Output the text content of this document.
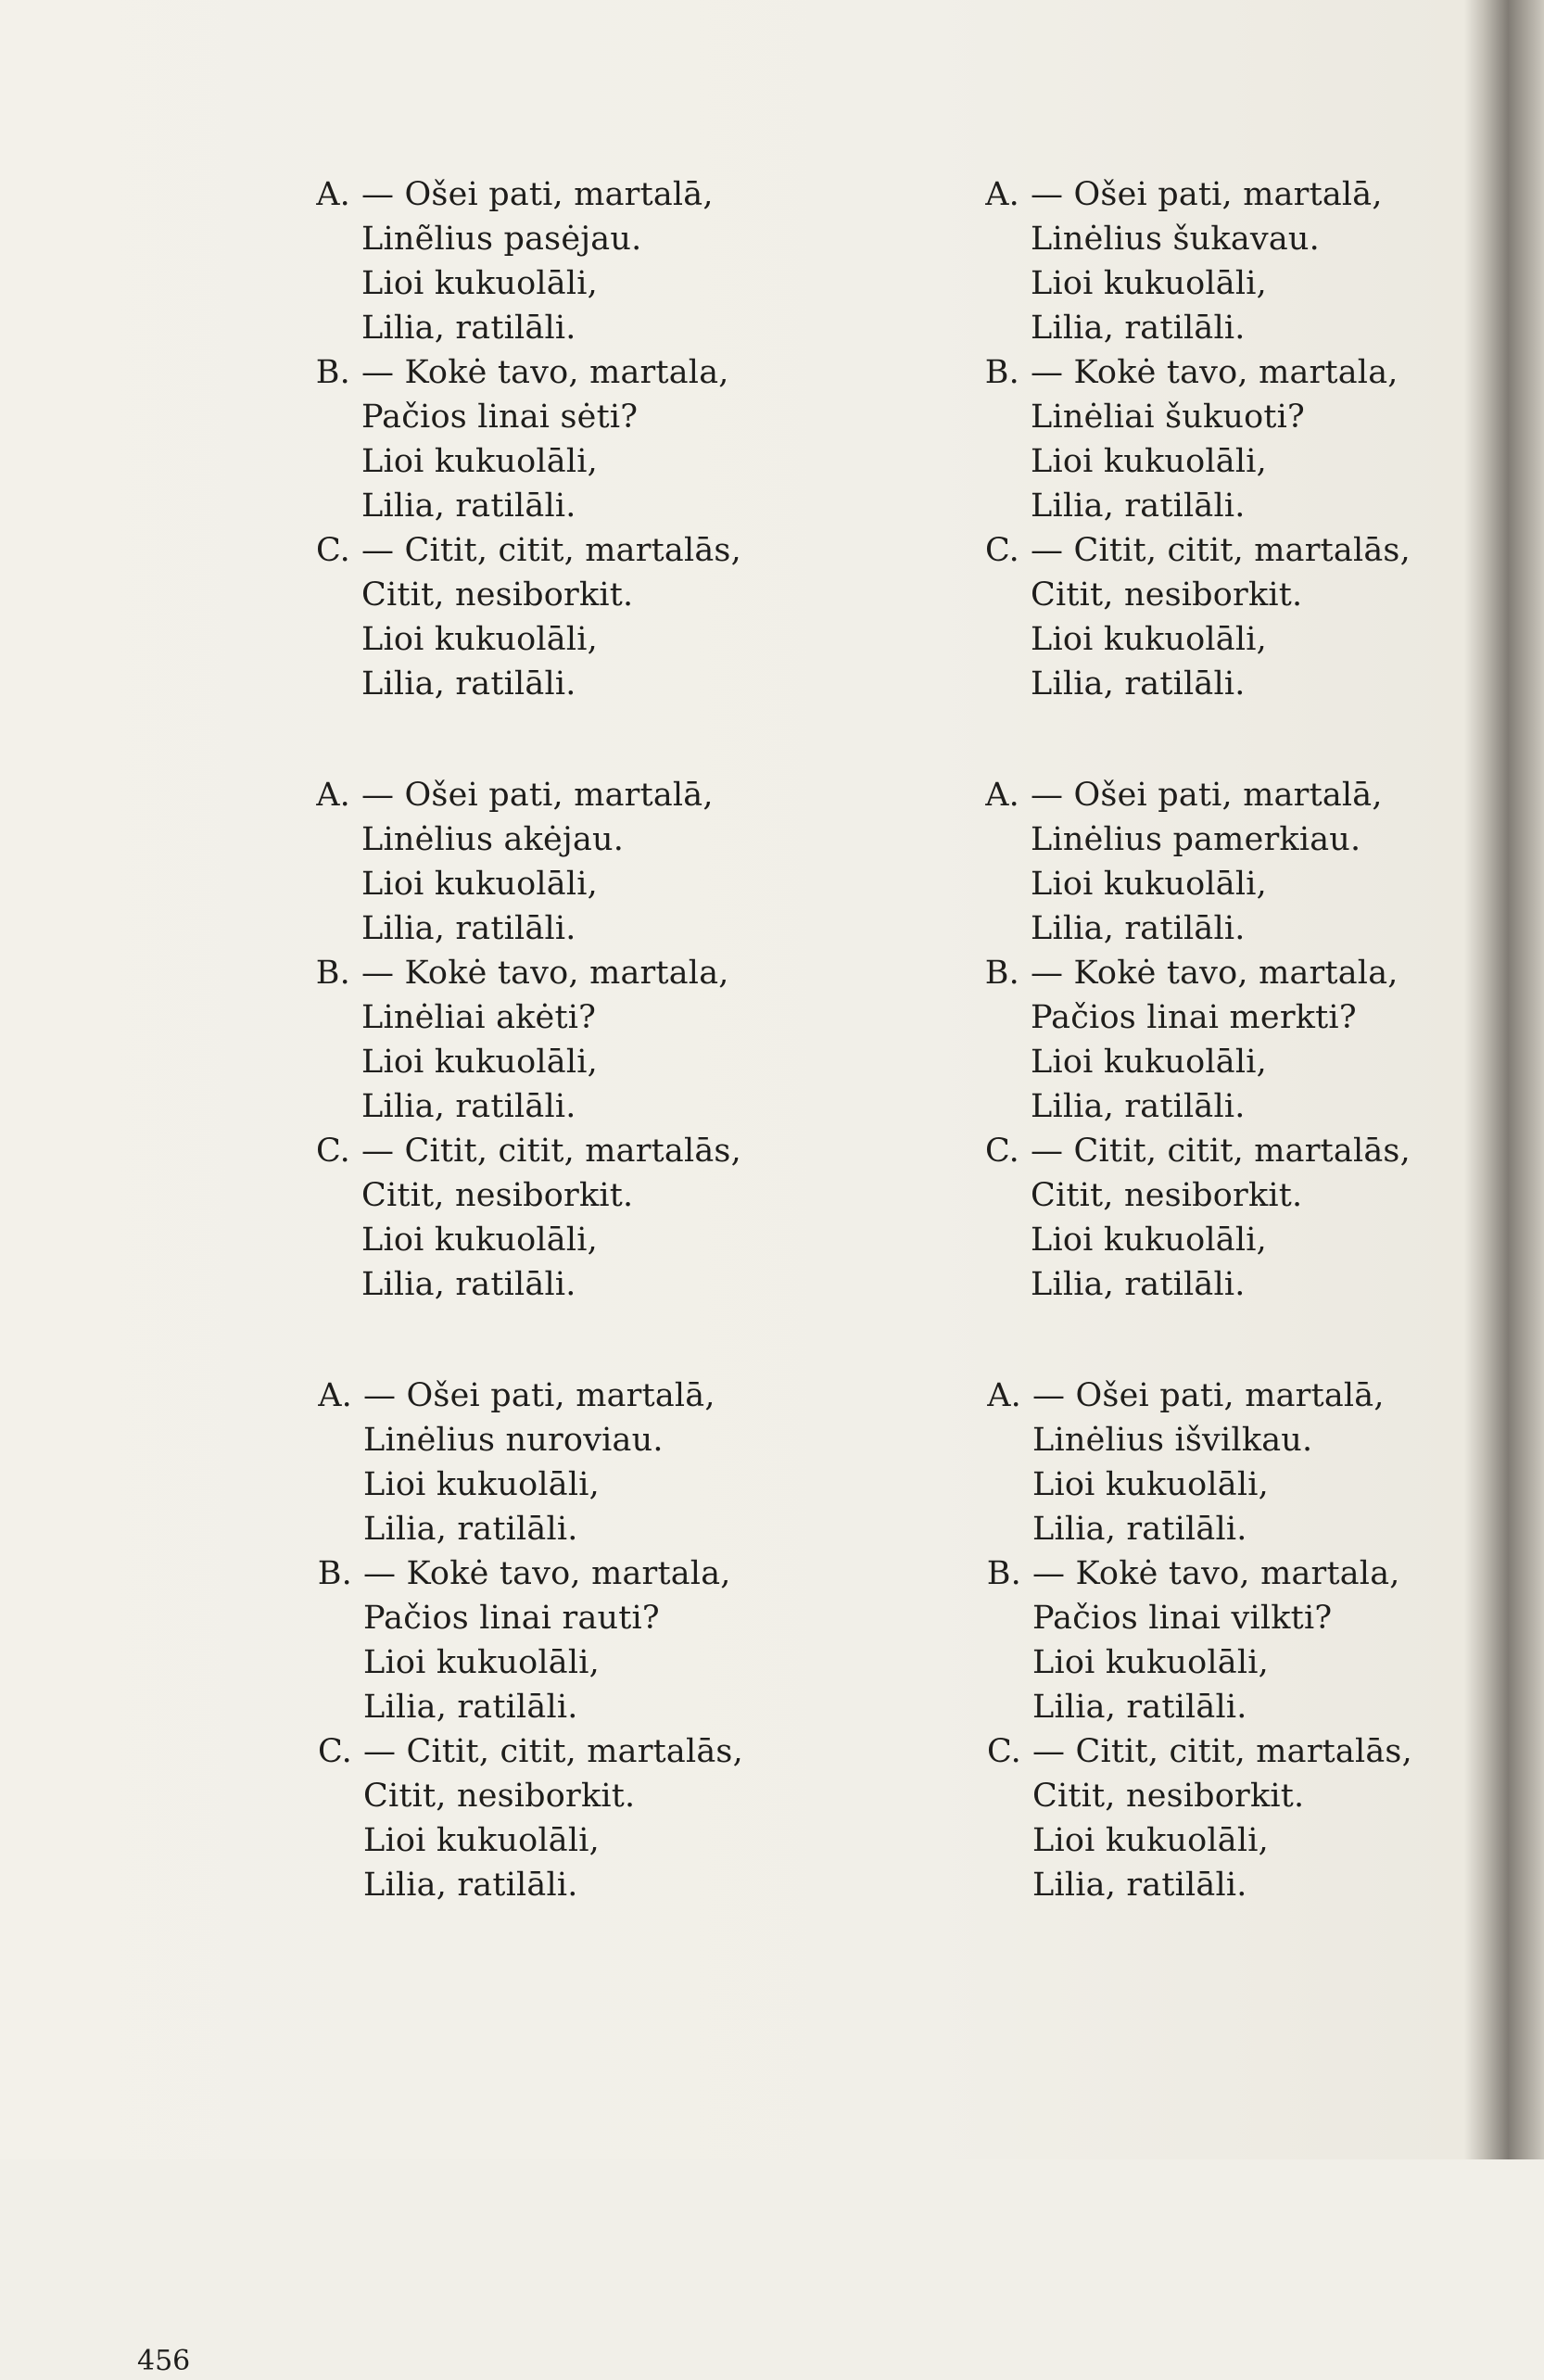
A. — Ošei pati, martalā,
Linẽlius pasėjau.
Lioi kukuolāli,
Lilia, ratilāli.
B. — Kokė tavo, martala,
Pačios linai sėti?
Lioi kukuolāli,
Lilia, ratilāli.
C. — Citit, citit, martalās,
Citit, nesiborkit.
Lioi kukuolāli,
Lilia, ratilāli.
A. — Ošei pati, martalā,
Linėlius šukavau.
Lioi kukuolāli,
Lilia, ratilāli.
B. — Kokė tavo, martala,
Linėliai šukuoti?
Lioi kukuolāli,
Lilia, ratilāli.
C. — Citit, citit, martalās,
Citit, nesiborkit.
Lioi kukuolāli,
Lilia, ratilāli.
A. — Ošei pati, martalā,
Linėlius akėjau.
Lioi kukuolāli,
Lilia, ratilāli.
B. — Kokė tavo, martala,
Linėliai akėti?
Lioi kukuolāli,
Lilia, ratilāli.
C. — Citit, citit, martalās,
Citit, nesiborkit.
Lioi kukuolāli,
Lilia, ratilāli.
A. — Ošei pati, martalā,
Linėlius pamerkiau.
Lioi kukuolāli,
Lilia, ratilāli.
B. — Kokė tavo, martala,
Pačios linai merkti?
Lioi kukuolāli,
Lilia, ratilāli.
C. — Citit, citit, martalās,
Citit, nesiborkit.
Lioi kukuolāli,
Lilia, ratilāli.
A. — Ošei pati, martalā,
Linėlius nuroviau.
Lioi kukuolāli,
Lilia, ratilāli.
B. — Kokė tavo, martala,
Pačios linai rauti?
Lioi kukuolāli,
Lilia, ratilāli.
C. — Citit, citit, martalās,
Citit, nesiborkit.
Lioi kukuolāli,
Lilia, ratilāli.
A. — Ošei pati, martalā,
Linėlius išvilkau.
Lioi kukuolāli,
Lilia, ratilāli.
B. — Kokė tavo, martala,
Pačios linai vilkti?
Lioi kukuolāli,
Lilia, ratilāli.
C. — Citit, citit, martalās,
Citit, nesiborkit.
Lioi kukuolāli,
Lilia, ratilāli.
456
